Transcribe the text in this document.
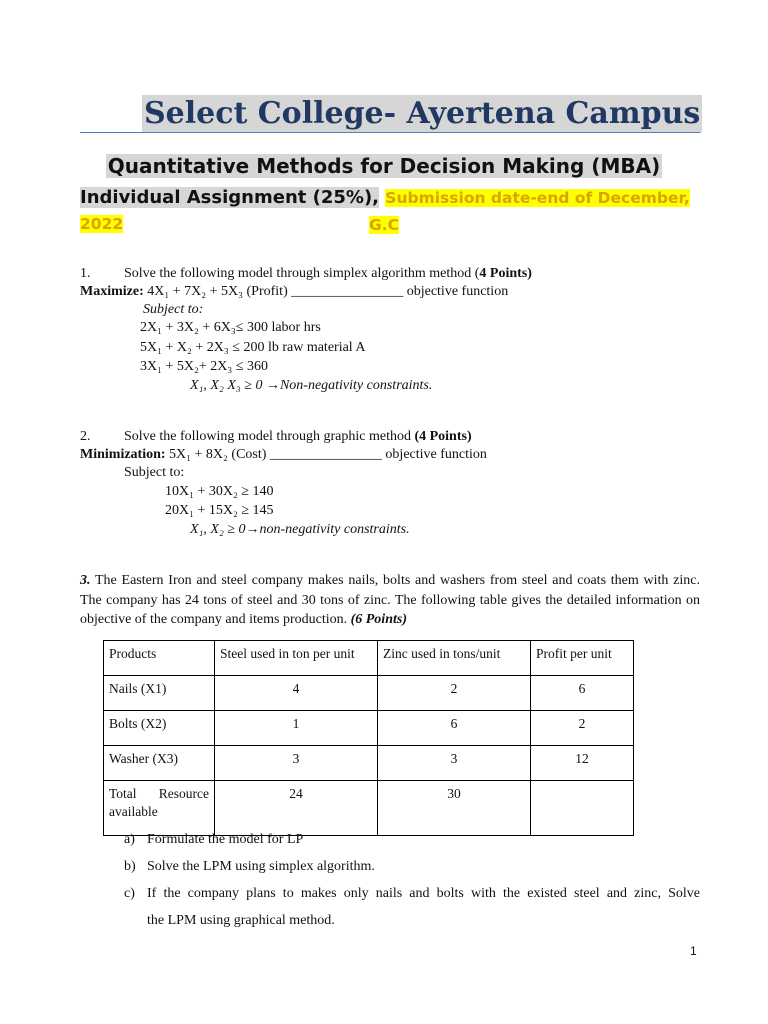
Select College- Ayertena Campus
Quantitative Methods for Decision Making (MBA)
Individual Assignment (25%), Submission date-end of December, 2022	G.C
1. Solve the following model through simplex algorithm method (4 Points)
Maximize: 4X₁ + 7X₂ + 5X₃ (Profit) ________________ objective function
Subject to:
2X₁ + 3X₂ + 6X₃≤ 300 labor hrs
5X₁ + X₂ + 2X₃ ≤ 200 lb raw material A
3X₁ + 5X₂+ 2X₃ ≤ 360
X₁, X₂ X₃ ≥ 0 →Non-negativity constraints.
2. Solve the following model through graphic method (4 Points)
Minimization: 5X₁ + 8X₂ (Cost) ________________ objective function
Subject to:
10X₁ + 30X₂ ≥ 140
20X₁ + 15X₂ ≥ 145
X₁, X₂ ≥ 0→non-negativity constraints.
3. The Eastern Iron and steel company makes nails, bolts and washers from steel and coats them with zinc. The company has 24 tons of steel and 30 tons of zinc. The following table gives the detailed information on objective of the company and items production. (6 Points)
Products	Steel used in ton per unit	Zinc used in tons/unit	Profit per unit
Nails (X1)	4	2	6
Bolts (X2)	1	6	2
Washer (X3)	3	3	12
Total Resource available	24	30	
a) Formulate the model for LP
b) Solve the LPM using simplex algorithm.
c) If the company plans to makes only nails and bolts with the existed steel and zinc, Solve
the LPM using graphical method.
1
